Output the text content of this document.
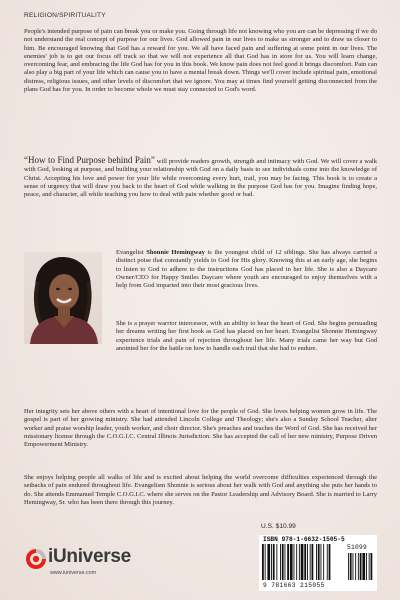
RELIGION/SPIRITUALITY

People's intended purpose of pain can break you or make you. Going through life not knowing who you are can be depressing if we do not understand the real concept of purpose for our lives. God allowed pain in our lives to make us stronger and to draw us closer to him. Be encouraged knowing that God has a reward for you. We all have faced pain and suffering at some point in our lives. The enemies' job is to get our focus off track so that we will not experience all that God has in store for us. You will learn change, overcoming fear, and embracing the life God has for you in this book. We know pain does not feel good it brings discomfort. Pain can also play a big part of your life which can cause you to have a mental break down. Things we'll cover include spiritual pain, emotional distress, religious issues, and other levels of discomfort that we ignore. You may at times find yourself getting disconnected from the plans God has for you. In order to become whole we must stay connected to God's word.

“How to Find Purpose behind Pain” will provide readers growth, strength and intimacy with God. We will cover a walk with God, looking at purpose, and building your relationship with God on a daily basis to see individuals come into the knowledge of Christ. Accepting his love and power for your life while overcoming every hurt, trail, you may be facing. This book is to create a sense of urgency that will draw you back to the heart of God while walking in the purpose God has for you. Imagine finding hope, peace, and character, all while teaching you how to deal with pain whether good or bad.

Evangelist Shonnie Hemingway is the youngest child of 12 siblings. She has always carried a distinct poise that constantly yields to God for His glory. Knowing this at an early age, she begins to listen to God to adhere to the instructions God has placed in her life. She is also a Daycare Owner/CEO for Happy Smiles Daycare where youth are encouraged to enjoy themselves with a help from God imparted into their most gracious lives.

She is a prayer warrior intercessor, with an ability to hear the heart of God. She begins persuading her dreams writing her first book as God has placed on her heart. Evangelist Shonnie Hemingway experience trials and pain of rejection throughout her life. Many trials came her way but God anointed her for the battle on how to handle each trail that she had to endure.

Her integrity sets her above others with a heart of intentional love for the people of God. She loves helping women grow in life. The gospel is part of her growing ministry. She had attended Lincoln College and Theology; she's also a Sunday School Teacher, alter worker and praise worship leader, youth worker, and choir director. She's preaches and teaches the Word of God. She has received her missionary license through the C.O.G.I.C. Central Illinois Jurisdiction. She has accepted the call of her new ministry, Purpose Driven Empowerment Ministry.

She enjoys helping people all walks of life and is excited about helping the world overcome difficulties experienced through the setbacks of pain endured throughout life. Evangelism Shonnie is serious about her walk with God and anything she puts her hands to do. She attends Emmanuel Temple C.O.G.I.C. where she serves on the Pastor Leadership and Advisory Board. She is married to Larry Hemingway, Sr. who has been there through this journey.

U.S. $10.99
ISBN 978-1-6632-1505-5
51099
9 781663 215055
iUniverse
www.iuniverse.com
